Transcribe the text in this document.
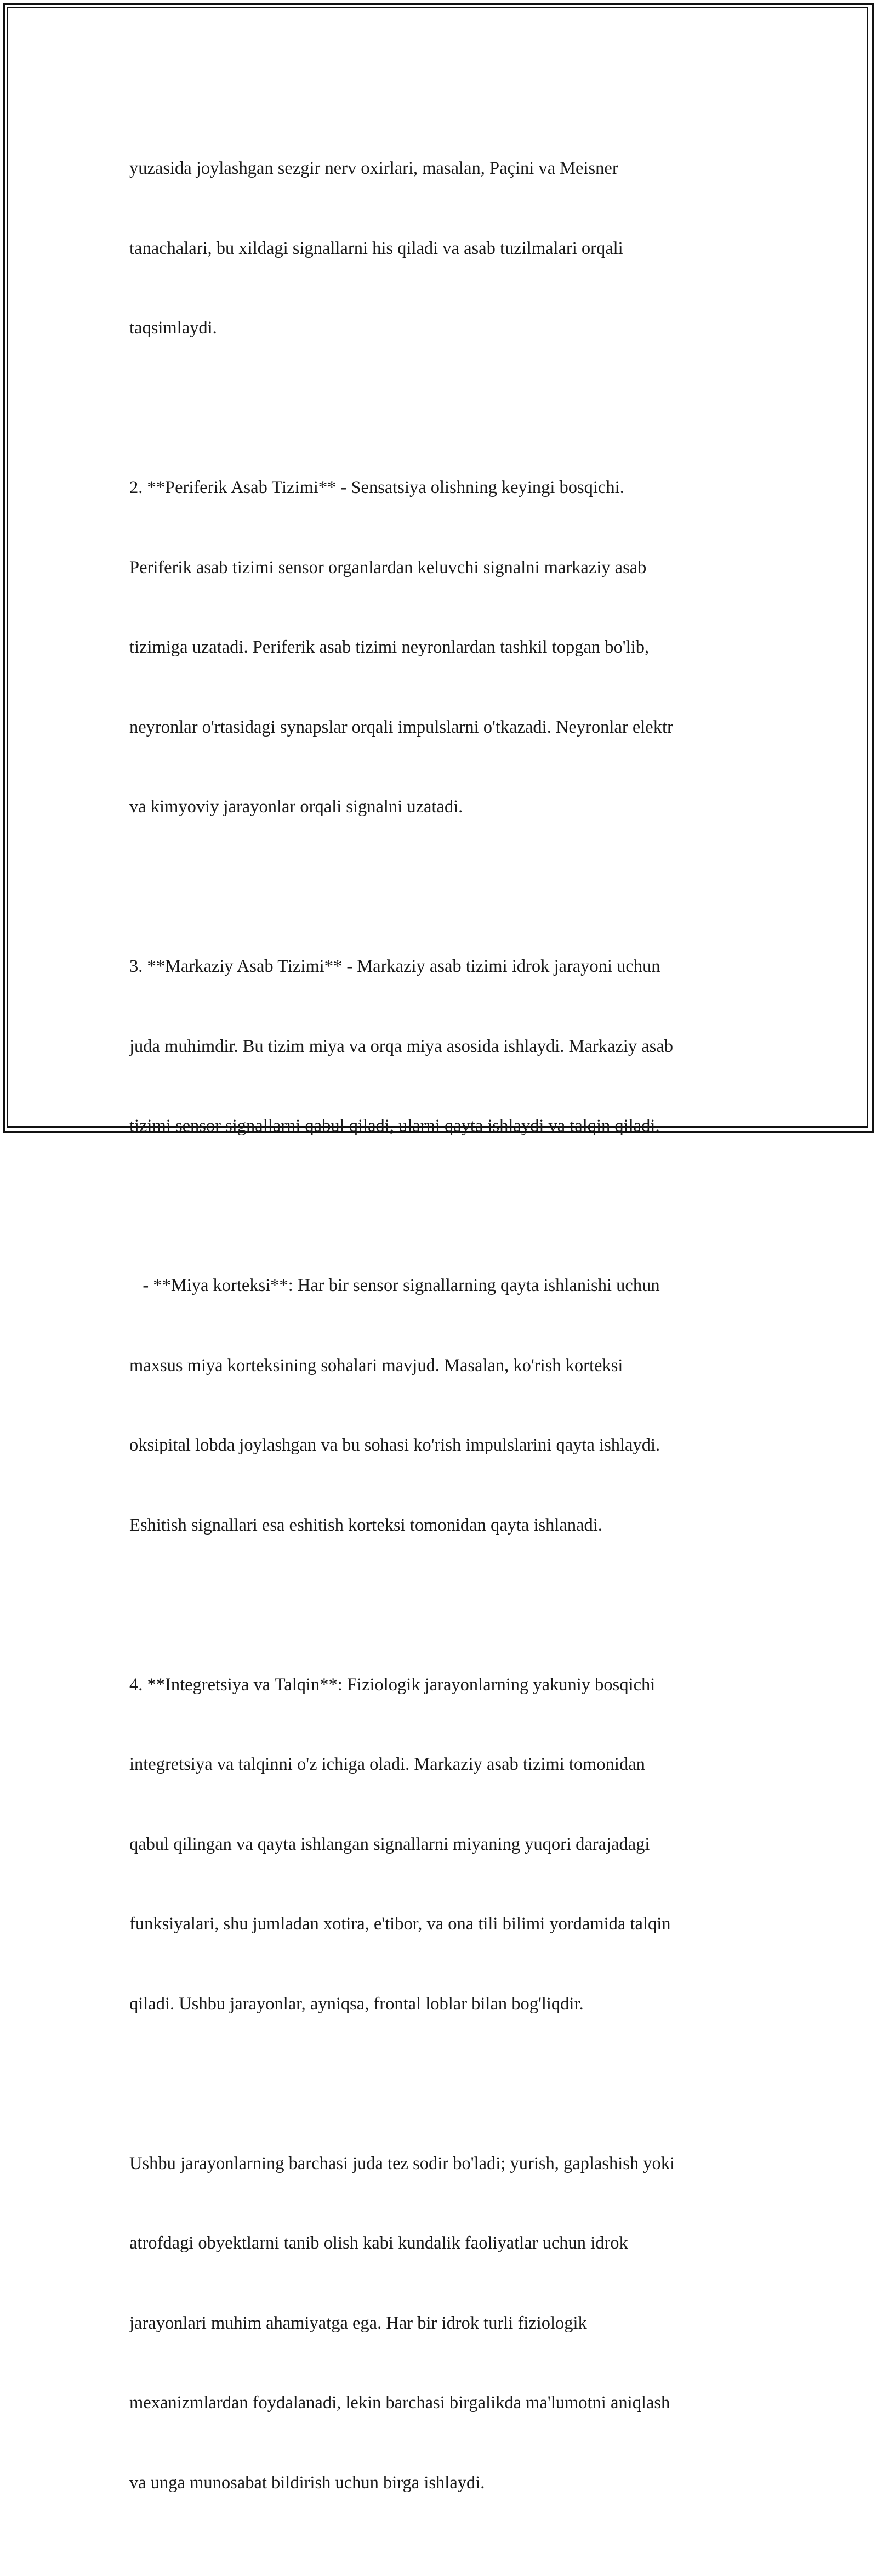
yuzasida joylashgan sezgir nerv oxirlari, masalan, Paçini va Meisner

tanachalari, bu xildagi signallarni his qiladi va asab tuzilmalari orqali

taqsimlaydi.

2. **Periferik Asab Tizimi** - Sensatsiya olishning keyingi bosqichi.

Periferik asab tizimi sensor organlardan keluvchi signalni markaziy asab

tizimiga uzatadi. Periferik asab tizimi neyronlardan tashkil topgan bo'lib,

neyronlar o'rtasidagi synapslar orqali impulslarni o'tkazadi. Neyronlar elektr

va kimyoviy jarayonlar orqali signalni uzatadi.

3. **Markaziy Asab Tizimi** - Markaziy asab tizimi idrok jarayoni uchun

juda muhimdir. Bu tizim miya va orqa miya asosida ishlaydi. Markaziy asab

tizimi sensor signallarni qabul qiladi, ularni qayta ishlaydi va talqin qiladi.

- **Miya korteksi**: Har bir sensor signallarning qayta ishlanishi uchun

maxsus miya korteksining sohalari mavjud. Masalan, ko'rish korteksi

oksipital lobda joylashgan va bu sohasi ko'rish impulslarini qayta ishlaydi.

Eshitish signallari esa eshitish korteksi tomonidan qayta ishlanadi.

4. **Integretsiya va Talqin**: Fiziologik jarayonlarning yakuniy bosqichi

integretsiya va talqinni o'z ichiga oladi. Markaziy asab tizimi tomonidan

qabul qilingan va qayta ishlangan signallarni miyaning yuqori darajadagi

funksiyalari, shu jumladan xotira, e'tibor, va ona tili bilimi yordamida talqin

qiladi. Ushbu jarayonlar, ayniqsa, frontal loblar bilan bog'liqdir.

Ushbu jarayonlarning barchasi juda tez sodir bo'ladi; yurish, gaplashish yoki

atrofdagi obyektlarni tanib olish kabi kundalik faoliyatlar uchun idrok

jarayonlari muhim ahamiyatga ega. Har bir idrok turli fiziologik

mexanizmlardan foydalanadi, lekin barchasi birgalikda ma'lumotni aniqlash

va unga munosabat bildirish uchun birga ishlaydi.
